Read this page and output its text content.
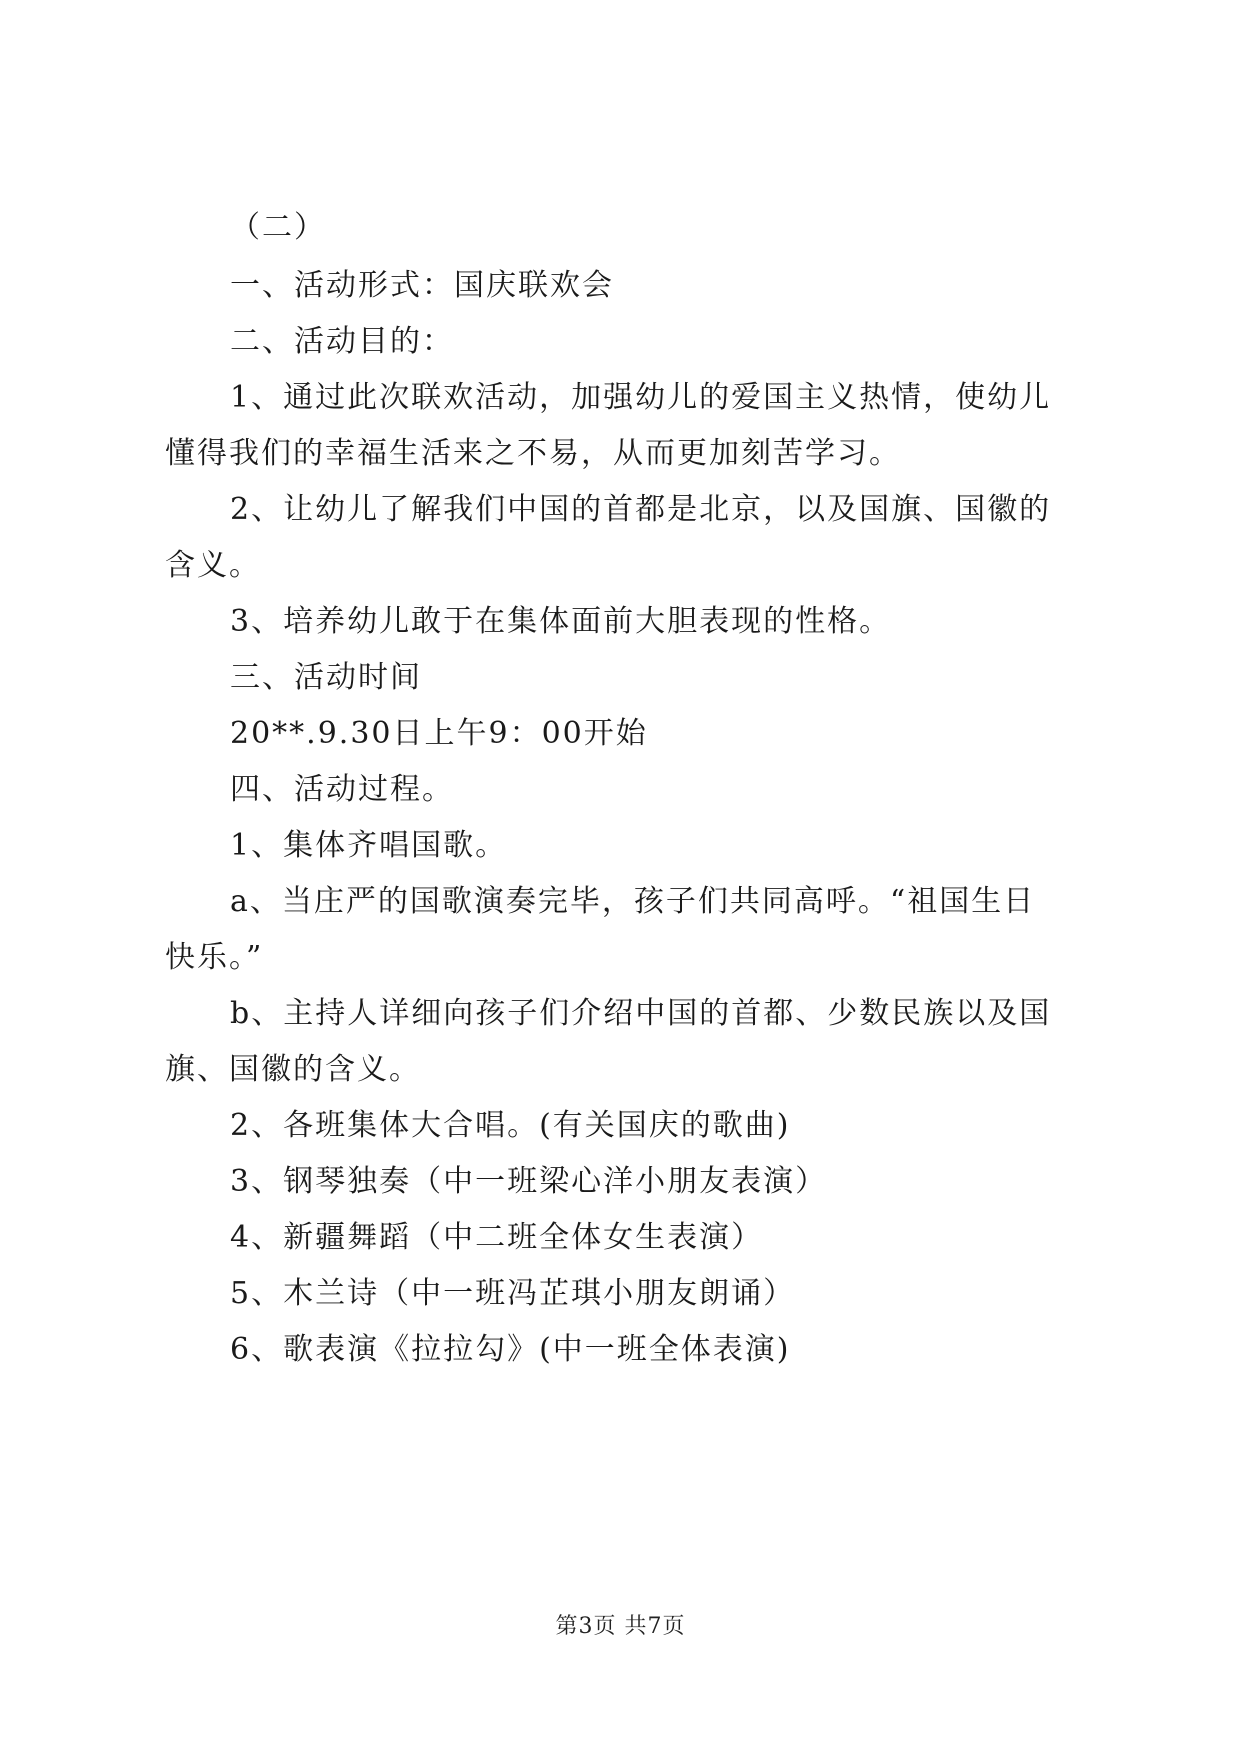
（二）
一、活动形式：国庆联欢会
二、活动目的：
1、通过此次联欢活动，加强幼儿的爱国主义热情，使幼儿
懂得我们的幸福生活来之不易，从而更加刻苦学习。
2、让幼儿了解我们中国的首都是北京，以及国旗、国徽的
含义。
3、培养幼儿敢于在集体面前大胆表现的性格。
三、活动时间
20**.9.30日上午9：00开始
四、活动过程。
1、集体齐唱国歌。
a、当庄严的国歌演奏完毕，孩子们共同高呼。“祖国生日
快乐。”
b、主持人详细向孩子们介绍中国的首都、少数民族以及国
旗、国徽的含义。
2、各班集体大合唱。(有关国庆的歌曲)
3、钢琴独奏（中一班梁心洋小朋友表演）
4、新疆舞蹈（中二班全体女生表演）
5、木兰诗（中一班冯芷琪小朋友朗诵）
6、歌表演《拉拉勾》(中一班全体表演)
第3页 共7页
